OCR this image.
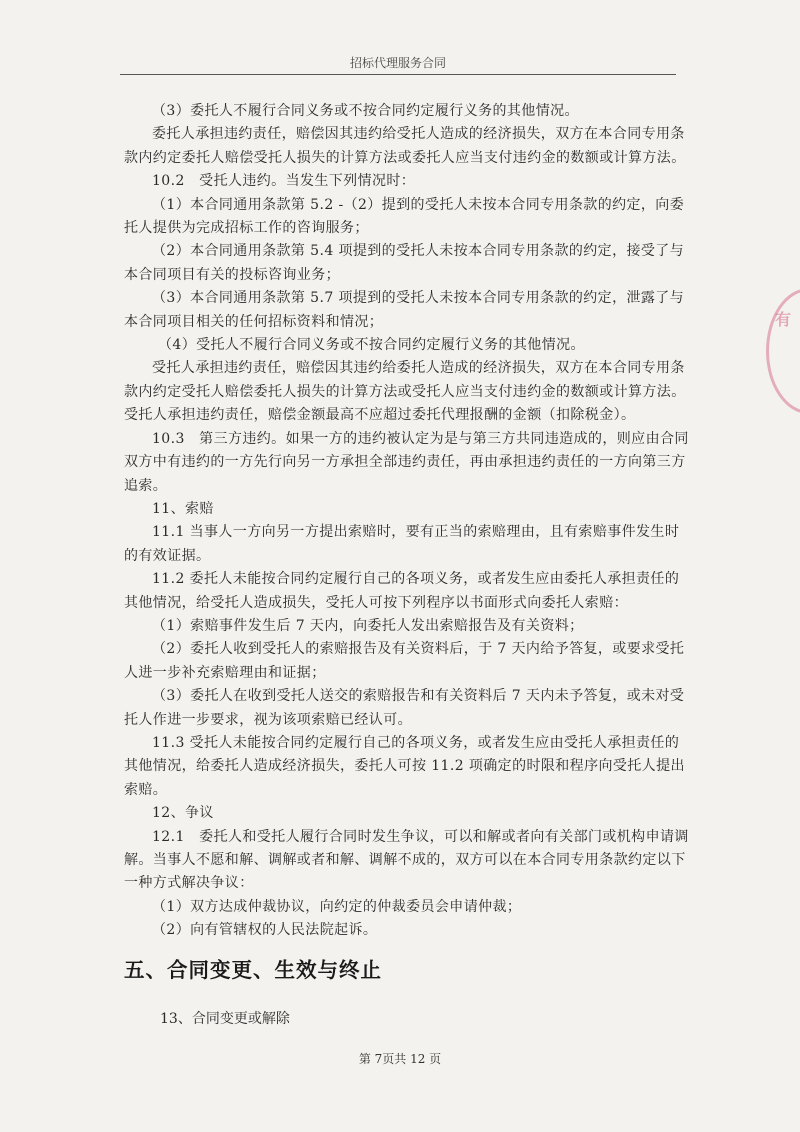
招标代理服务合同

（3）委托人不履行合同义务或不按合同约定履行义务的其他情况。

委托人承担违约责任，赔偿因其违约给受托人造成的经济损失，双方在本合同专用条款内约定委托人赔偿受托人损失的计算方法或委托人应当支付违约金的数额或计算方法。

10.2　受托人违约。当发生下列情况时：

（1）本合同通用条款第 5.2 -（2）提到的受托人未按本合同专用条款的约定，向委托人提供为完成招标工作的咨询服务；

（2）本合同通用条款第 5.4 项提到的受托人未按本合同专用条款的约定，接受了与本合同项目有关的投标咨询业务；

（3）本合同通用条款第 5.7 项提到的受托人未按本合同专用条款的约定，泄露了与本合同项目相关的任何招标资料和情况；

（4）受托人不履行合同义务或不按合同约定履行义务的其他情况。

受托人承担违约责任，赔偿因其违约给委托人造成的经济损失，双方在本合同专用条款内约定受托人赔偿委托人损失的计算方法或受托人应当支付违约金的数额或计算方法。受托人承担违约责任，赔偿金额最高不应超过委托代理报酬的金额（扣除税金）。

10.3　第三方违约。如果一方的违约被认定为是与第三方共同违造成的，则应由合同双方中有违约的一方先行向另一方承担全部违约责任，再由承担违约责任的一方向第三方追索。

11、索赔

11.1 当事人一方向另一方提出索赔时，要有正当的索赔理由，且有索赔事件发生时的有效证据。

11.2 委托人未能按合同约定履行自己的各项义务，或者发生应由委托人承担责任的其他情况，给受托人造成损失，受托人可按下列程序以书面形式向委托人索赔：

（1）索赔事件发生后 7 天内，向委托人发出索赔报告及有关资料；

（2）委托人收到受托人的索赔报告及有关资料后，于 7 天内给予答复，或要求受托人进一步补充索赔理由和证据；

（3）委托人在收到受托人送交的索赔报告和有关资料后 7 天内未予答复，或未对受托人作进一步要求，视为该项索赔已经认可。

11.3 受托人未能按合同约定履行自己的各项义务，或者发生应由受托人承担责任的其他情况，给委托人造成经济损失，委托人可按 11.2 项确定的时限和程序向受托人提出索赔。

12、争议

12.1　委托人和受托人履行合同时发生争议，可以和解或者向有关部门或机构申请调解。当事人不愿和解、调解或者和解、调解不成的，双方可以在本合同专用条款约定以下一种方式解决争议：

（1）双方达成仲裁协议，向约定的仲裁委员会申请仲裁；

（2）向有管辖权的人民法院起诉。

五、合同变更、生效与终止
13、合同变更或解除
第 7页共 12 页
有
